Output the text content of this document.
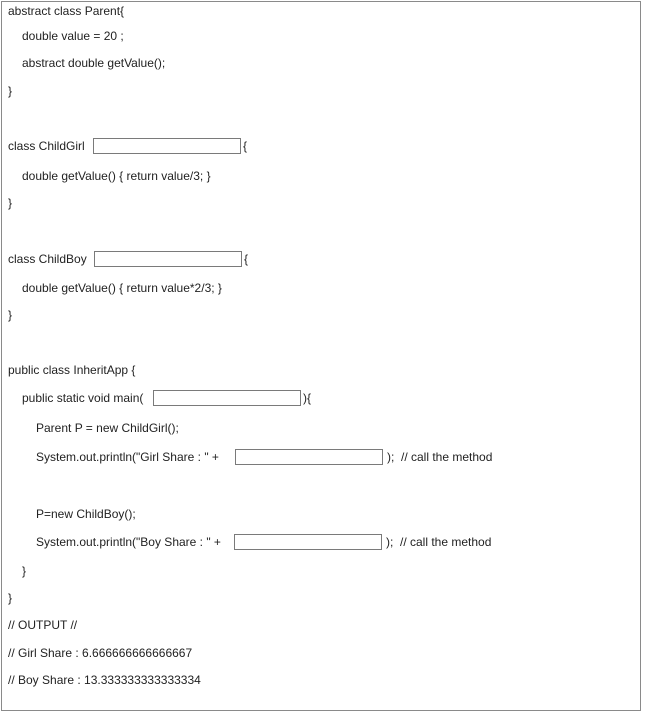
abstract class Parent{
double value = 20 ;
abstract double getValue();
}
class ChildGirl	{
double getValue() { return value/3; }
}
class ChildBoy	{
double getValue() { return value*2/3; }
}
public class InheritApp {
public static void main(	){
Parent P = new ChildGirl();
System.out.println("Girl Share : " +	);  // call the method
P=new ChildBoy();
System.out.println("Boy Share : " +	);  // call the method
}
}
// OUTPUT //
// Girl Share : 6.666666666666667
// Boy Share : 13.333333333333334
